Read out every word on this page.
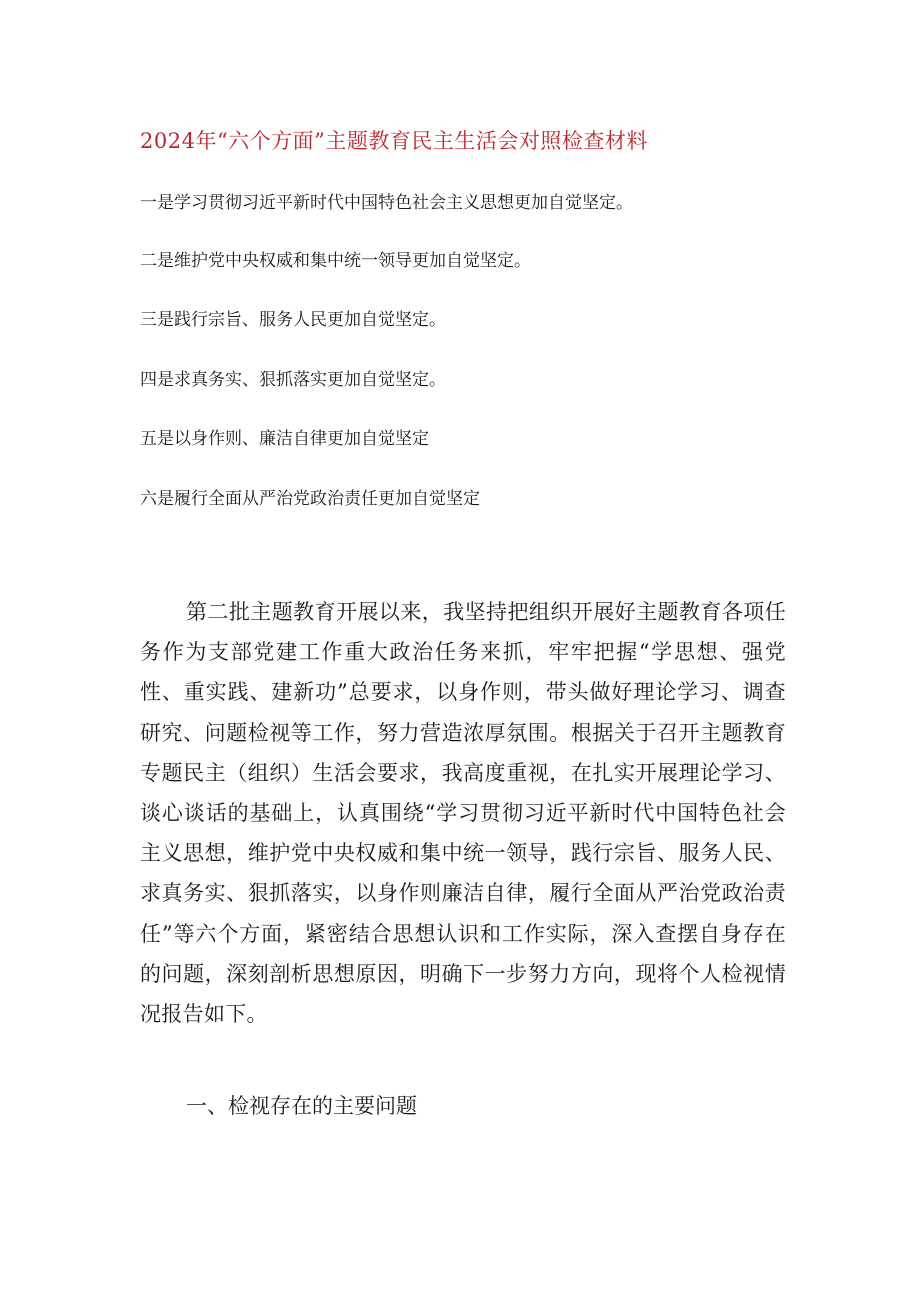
2024年“六个方面”主题教育民主生活会对照检查材料
一是学习贯彻习近平新时代中国特色社会主义思想更加自觉坚定。
二是维护党中央权威和集中统一领导更加自觉坚定。
三是践行宗旨、服务人民更加自觉坚定。
四是求真务实、狠抓落实更加自觉坚定。
五是以身作则、廉洁自律更加自觉坚定
六是履行全面从严治党政治责任更加自觉坚定

第二批主题教育开展以来，我坚持把组织开展好主题教育各项任务作为支部党建工作重大政治任务来抓，牢牢把握“学思想、强党性、重实践、建新功”总要求，以身作则，带头做好理论学习、调查研究、问题检视等工作，努力营造浓厚氛围。根据关于召开主题教育专题民主（组织）生活会要求，我高度重视，在扎实开展理论学习、谈心谈话的基础上，认真围绕“学习贯彻习近平新时代中国特色社会主义思想，维护党中央权威和集中统一领导，践行宗旨、服务人民、求真务实、狠抓落实，以身作则廉洁自律，履行全面从严治党政治责任”等六个方面，紧密结合思想认识和工作实际，深入查摆自身存在的问题，深刻剖析思想原因，明确下一步努力方向，现将个人检视情况报告如下。

一、检视存在的主要问题
